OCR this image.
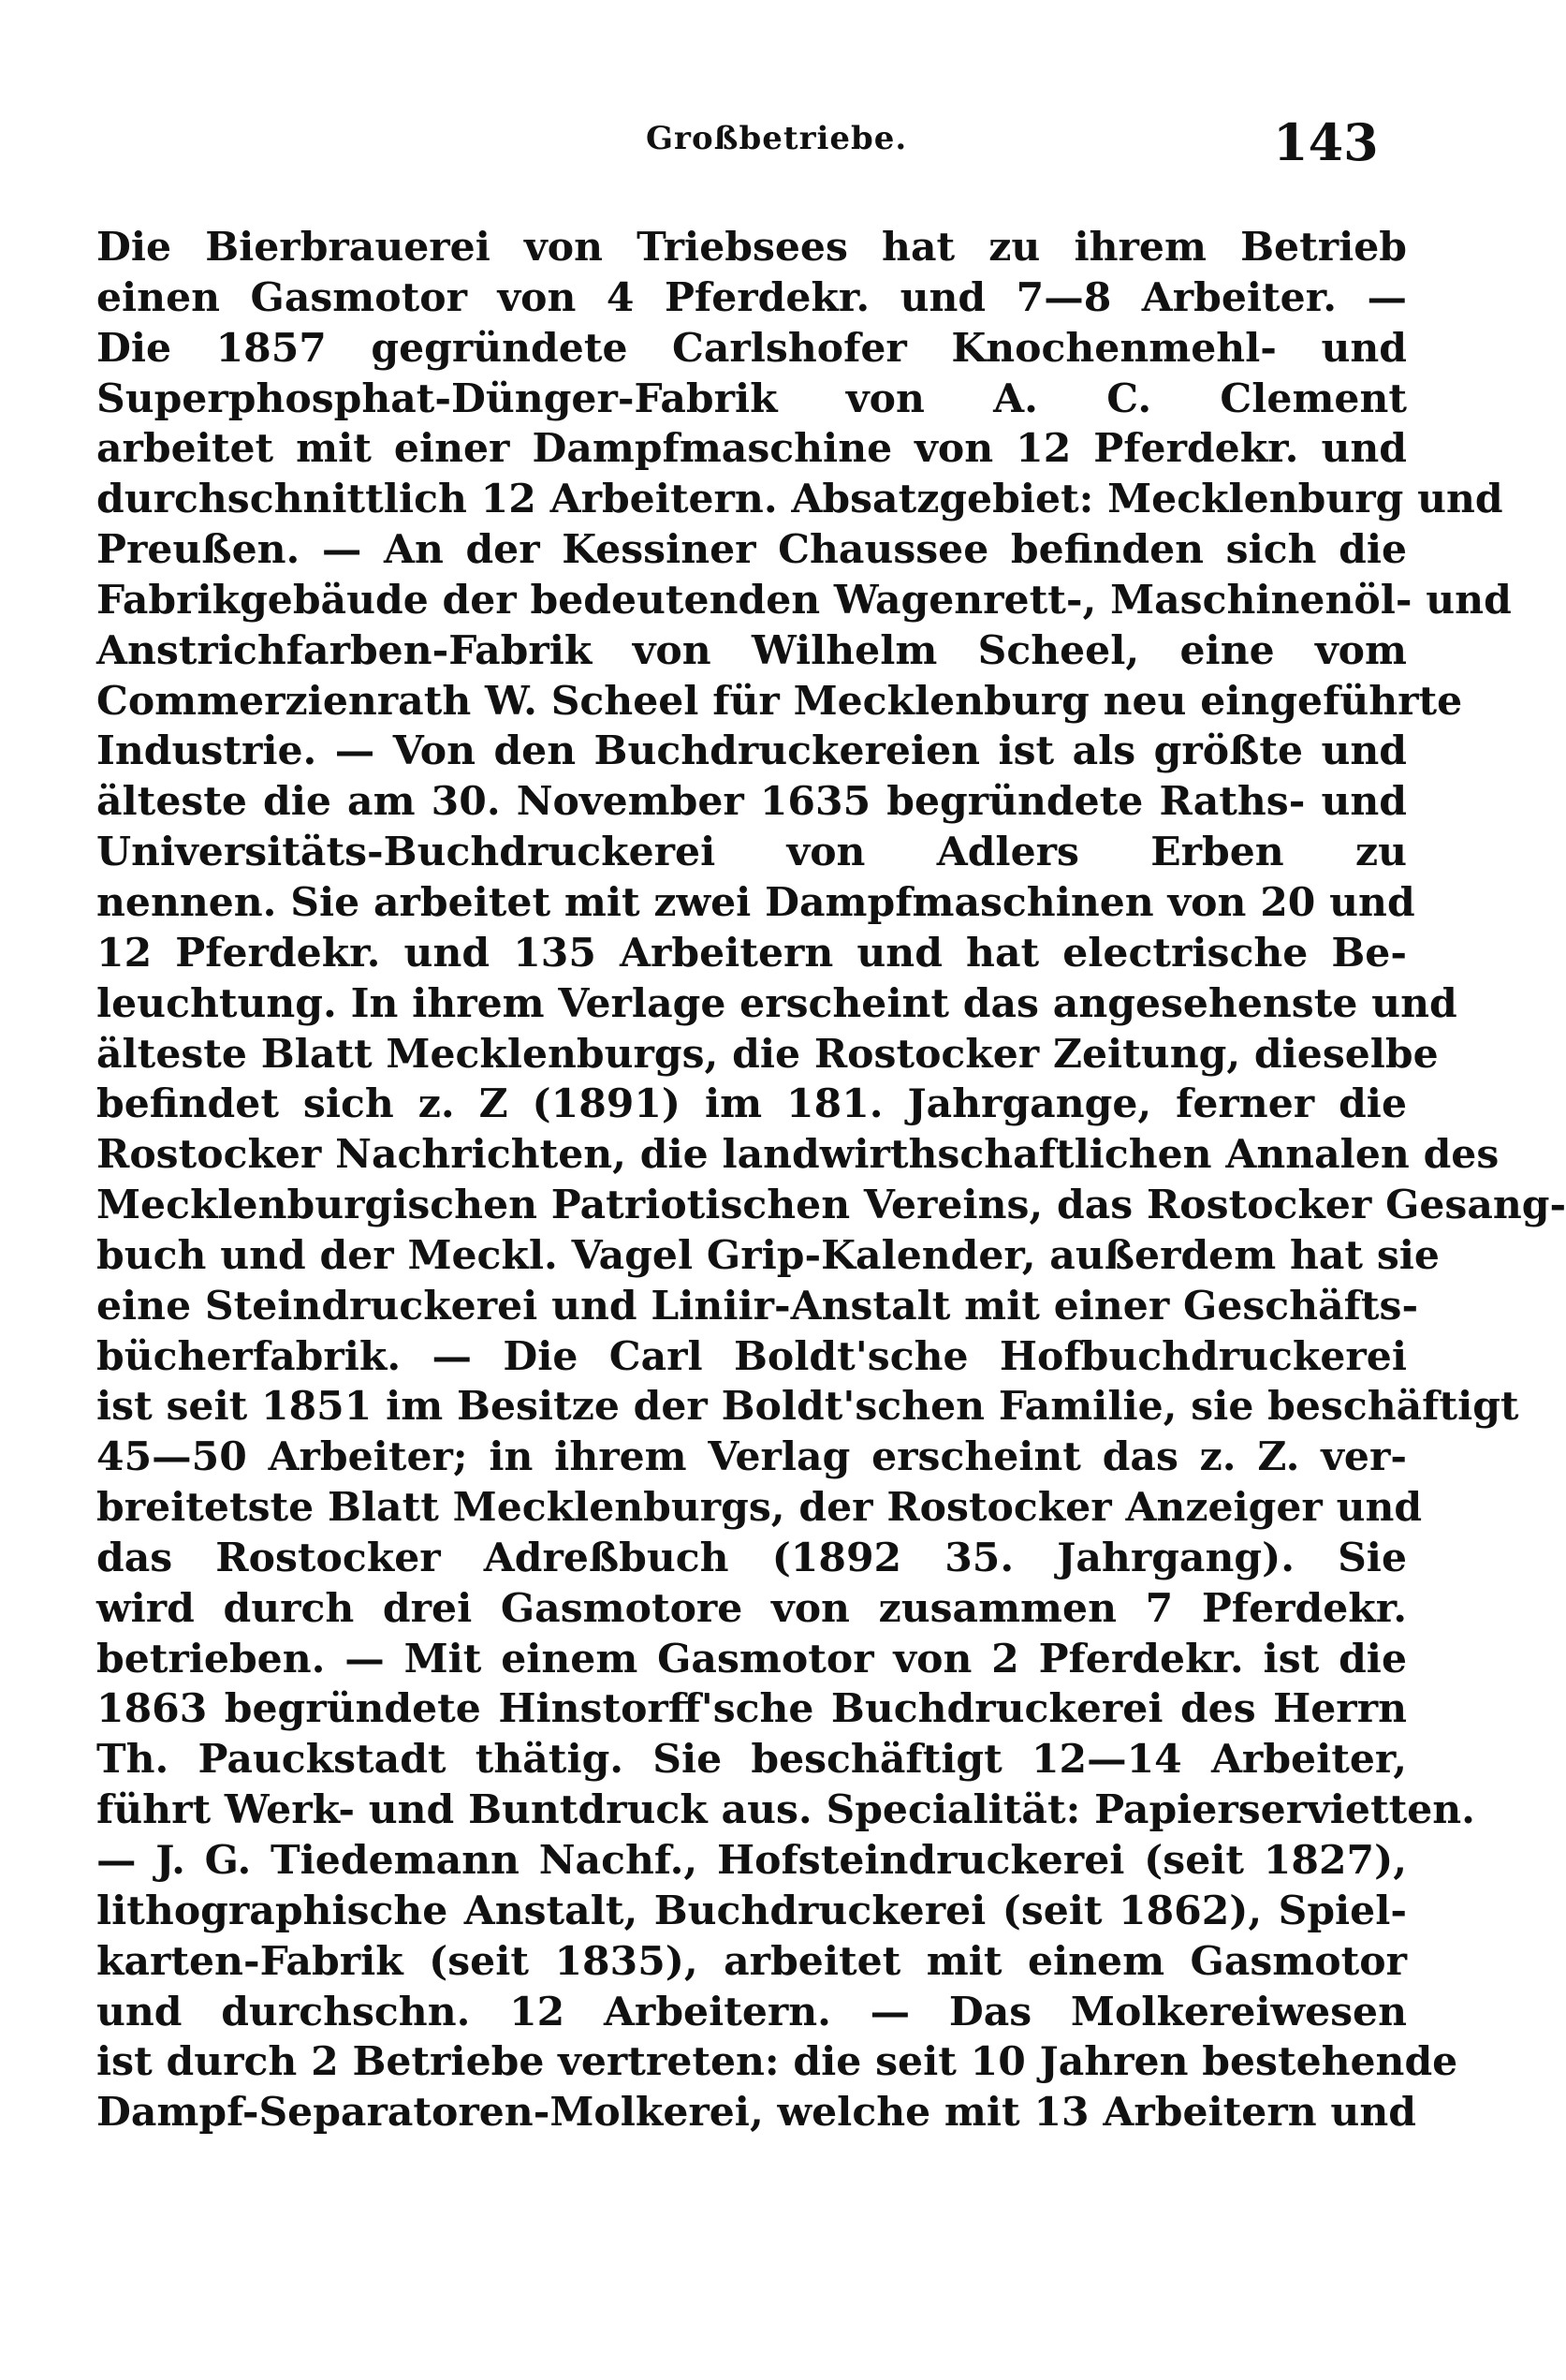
Großbetriebe.	143
Die Bierbrauerei von Triebsees hat zu ihrem Betrieb
einen Gasmotor von 4 Pferdekr. und 7—8 Arbeiter. —
Die 1857 gegründete Carlshofer Knochenmehl- und
Superphosphat-Dünger-Fabrik von A. C. Clement
arbeitet mit einer Dampfmaschine von 12 Pferdekr. und
durchschnittlich 12 Arbeitern. Absatzgebiet: Mecklenburg und
Preußen. — An der Kessiner Chaussee befinden sich die
Fabrikgebäude der bedeutenden Wagenrett-, Maschinenöl- und
Anstrichfarben-Fabrik von Wilhelm Scheel, eine vom
Commerzienrath W. Scheel für Mecklenburg neu eingeführte
Industrie. — Von den Buchdruckereien ist als größte und
älteste die am 30. November 1635 begründete Raths- und
Universitäts-Buchdruckerei von Adlers Erben zu
nennen. Sie arbeitet mit zwei Dampfmaschinen von 20 und
12 Pferdekr. und 135 Arbeitern und hat electrische Be-
leuchtung. In ihrem Verlage erscheint das angesehenste und
älteste Blatt Mecklenburgs, die Rostocker Zeitung, dieselbe
befindet sich z. Z (1891) im 181. Jahrgange, ferner die
Rostocker Nachrichten, die landwirthschaftlichen Annalen des
Mecklenburgischen Patriotischen Vereins, das Rostocker Gesang-
buch und der Meckl. Vagel Grip-Kalender, außerdem hat sie
eine Steindruckerei und Liniir-Anstalt mit einer Geschäfts-
bücherfabrik. — Die Carl Boldt'sche Hofbuchdruckerei
ist seit 1851 im Besitze der Boldt'schen Familie, sie beschäftigt
45—50 Arbeiter; in ihrem Verlag erscheint das z. Z. ver-
breitetste Blatt Mecklenburgs, der Rostocker Anzeiger und
das Rostocker Adreßbuch (1892 35. Jahrgang). Sie
wird durch drei Gasmotore von zusammen 7 Pferdekr.
betrieben. — Mit einem Gasmotor von 2 Pferdekr. ist die
1863 begründete Hinstorff'sche Buchdruckerei des Herrn
Th. Pauckstadt thätig. Sie beschäftigt 12—14 Arbeiter,
führt Werk- und Buntdruck aus. Specialität: Papierservietten.
— J. G. Tiedemann Nachf., Hofsteindruckerei (seit 1827),
lithographische Anstalt, Buchdruckerei (seit 1862), Spiel-
karten-Fabrik (seit 1835), arbeitet mit einem Gasmotor
und durchschn. 12 Arbeitern. — Das Molkereiwesen
ist durch 2 Betriebe vertreten: die seit 10 Jahren bestehende
Dampf-Separatoren-Molkerei, welche mit 13 Arbeitern und
